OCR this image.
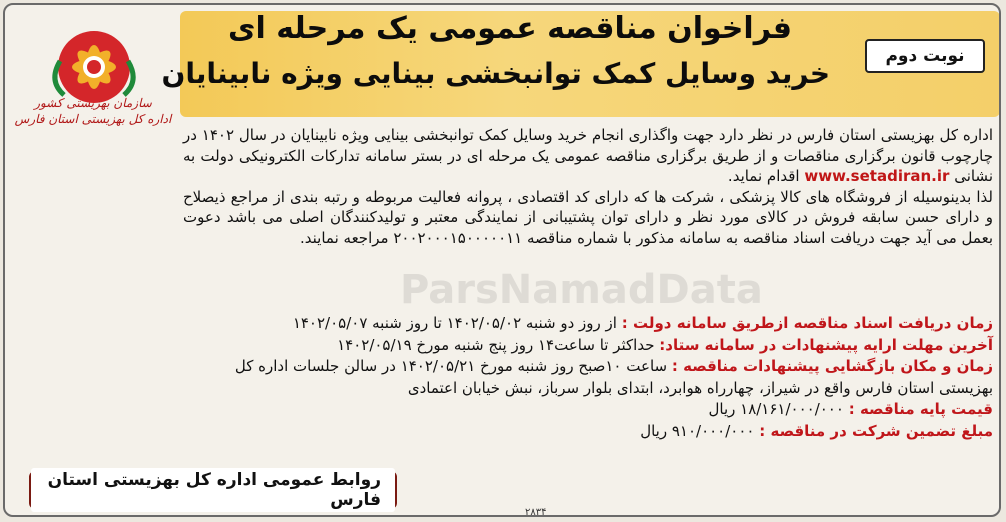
فراخوان مناقصه عمومی یک مرحله ای
خرید وسایل کمک توانبخشی بینایی ویژه نابینایان
نوبت دوم
سازمان بهزیستی کشور
اداره کل بهزیستی استان فارس
ParsNamadData

اداره کل بهزیستی استان فارس در نظر دارد جهت واگذاری انجام خرید وسایل کمک توانبخشی بینایی ویژه نابینایان در سال ۱۴۰۲ در چارچوب قانون برگزاری مناقصات و از طریق برگزاری مناقصه عمومی یک مرحله ای در بستر سامانه تدارکات الکترونیکی دولت به نشانی www.setadiran.ir اقدام نماید.

لذا بدینوسیله از فروشگاه های کالا پزشکی ، شرکت ها که دارای کد اقتصادی ، پروانه فعالیت مربوطه و رتبه بندی از مراجع ذیصلاح و دارای حسن سابقه فروش در کالای مورد نظر و دارای توان پشتیبانی از نمایندگی معتبر و تولیدکنندگان اصلی می باشد دعوت بعمل می آید جهت دریافت اسناد مناقصه به سامانه مذکور با شماره مناقصه ۲۰۰۲۰۰۰۱۵۰۰۰۰۰۱۱ مراجعه نمایند.

زمان دریافت اسناد مناقصه ازطریق سامانه دولت : از روز دو شنبه ۱۴۰۲/۰۵/۰۲ تا روز شنبه ۱۴۰۲/۰۵/۰۷
آخرین مهلت ارایه پیشنهادات در سامانه ستاد: حداکثر تا ساعت۱۴ روز پنج شنبه مورخ ۱۴۰۲/۰۵/۱۹
زمان و مکان بازگشایی پیشنهادات مناقصه : ساعت ۱۰صبح روز شنبه مورخ ۱۴۰۲/۰۵/۲۱ در سالن جلسات اداره کل
بهزیستی استان فارس واقع در شیراز، چهارراه هوابرد، ابتدای بلوار سرباز، نبش خیابان اعتمادی
قیمت پایه مناقصه : ۱۸/۱۶۱/۰۰۰/۰۰۰ ریال
مبلغ تضمین شرکت در مناقصه : ۹۱۰/۰۰۰/۰۰۰ ریال
روابط عمومی اداره کل بهزیستی استان فارس
۲۸۳۴
